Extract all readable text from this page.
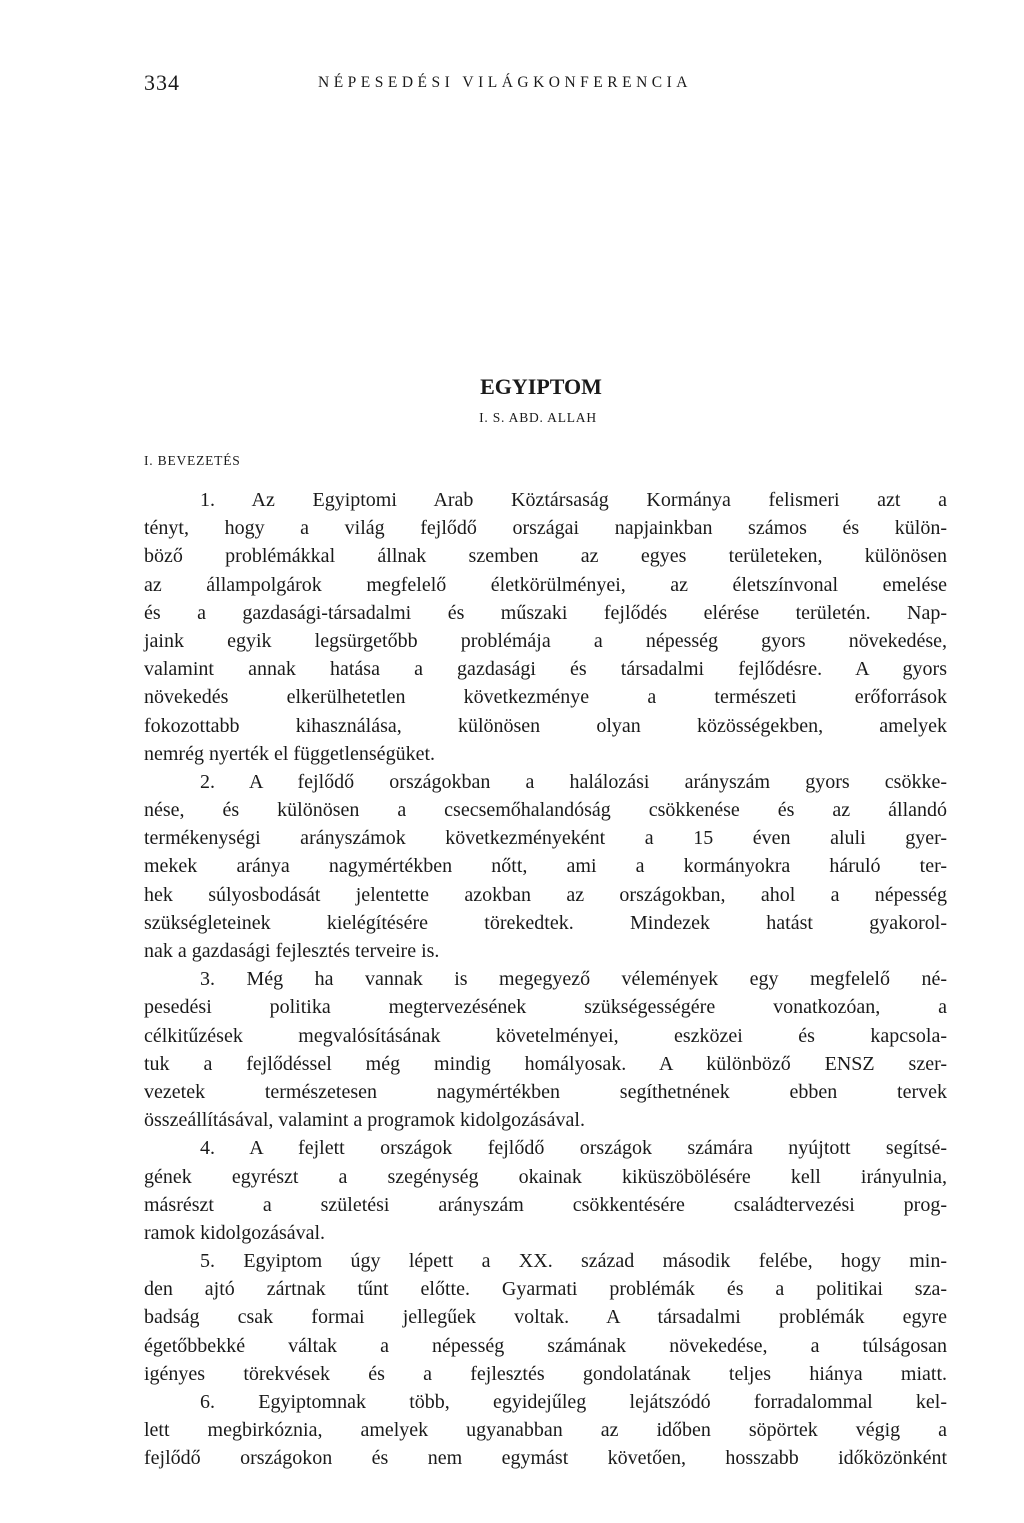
334	NÉPESEDÉSI VILÁGKONFERENCIA
EGYIPTOM
I. S. ABD. ALLAH
I. BEVEZETÉS
1. Az Egyiptomi Arab Köztársaság Kormánya felismeri azt a
tényt, hogy a világ fejlődő országai napjainkban számos és külön-
böző problémákkal állnak szemben az egyes területeken, különösen
az állampolgárok megfelelő életkörülményei, az életszínvonal emelése
és a gazdasági-társadalmi és műszaki fejlődés elérése területén. Nap-
jaink egyik legsürgetőbb problémája a népesség gyors növekedése,
valamint annak hatása a gazdasági és társadalmi fejlődésre. A gyors
növekedés elkerülhetetlen következménye a természeti erőforrások
fokozottabb kihasználása, különösen olyan közösségekben, amelyek
nemrég nyerték el függetlenségüket.
2. A fejlődő országokban a halálozási arányszám gyors csökke-
nése, és különösen a csecsemőhalandóság csökkenése és az állandó
termékenységi arányszámok következményeként a 15 éven aluli gyer-
mekek aránya nagymértékben nőtt, ami a kormányokra háruló ter-
hek súlyosbodását jelentette azokban az országokban, ahol a népesség
szükségleteinek kielégítésére törekedtek. Mindezek hatást gyakorol-
nak a gazdasági fejlesztés terveire is.
3. Még ha vannak is megegyező vélemények egy megfelelő né-
pesedési politika megtervezésének szükségességére vonatkozóan, a
célkitűzések megvalósításának követelményei, eszközei és kapcsola-
tuk a fejlődéssel még mindig homályosak. A különböző ENSZ szer-
vezetek természetesen nagymértékben segíthetnének ebben tervek
összeállításával, valamint a programok kidolgozásával.
4. A fejlett országok fejlődő országok számára nyújtott segítsé-
gének egyrészt a szegénység okainak kiküszöbölésére kell irányulnia,
másrészt a születési arányszám csökkentésére családtervezési prog-
ramok kidolgozásával.
5. Egyiptom úgy lépett a XX. század második felébe, hogy min-
den ajtó zártnak tűnt előtte. Gyarmati problémák és a politikai sza-
badság csak formai jellegűek voltak. A társadalmi problémák egyre
égetőbbekké váltak a népesség számának növekedése, a túlságosan
igényes törekvések és a fejlesztés gondolatának teljes hiánya miatt.
6. Egyiptomnak több, egyidejűleg lejátszódó forradalommal kel-
lett megbirkóznia, amelyek ugyanabban az időben söpörtek végig a
fejlődő országokon és nem egymást követően, hosszabb időközönként
